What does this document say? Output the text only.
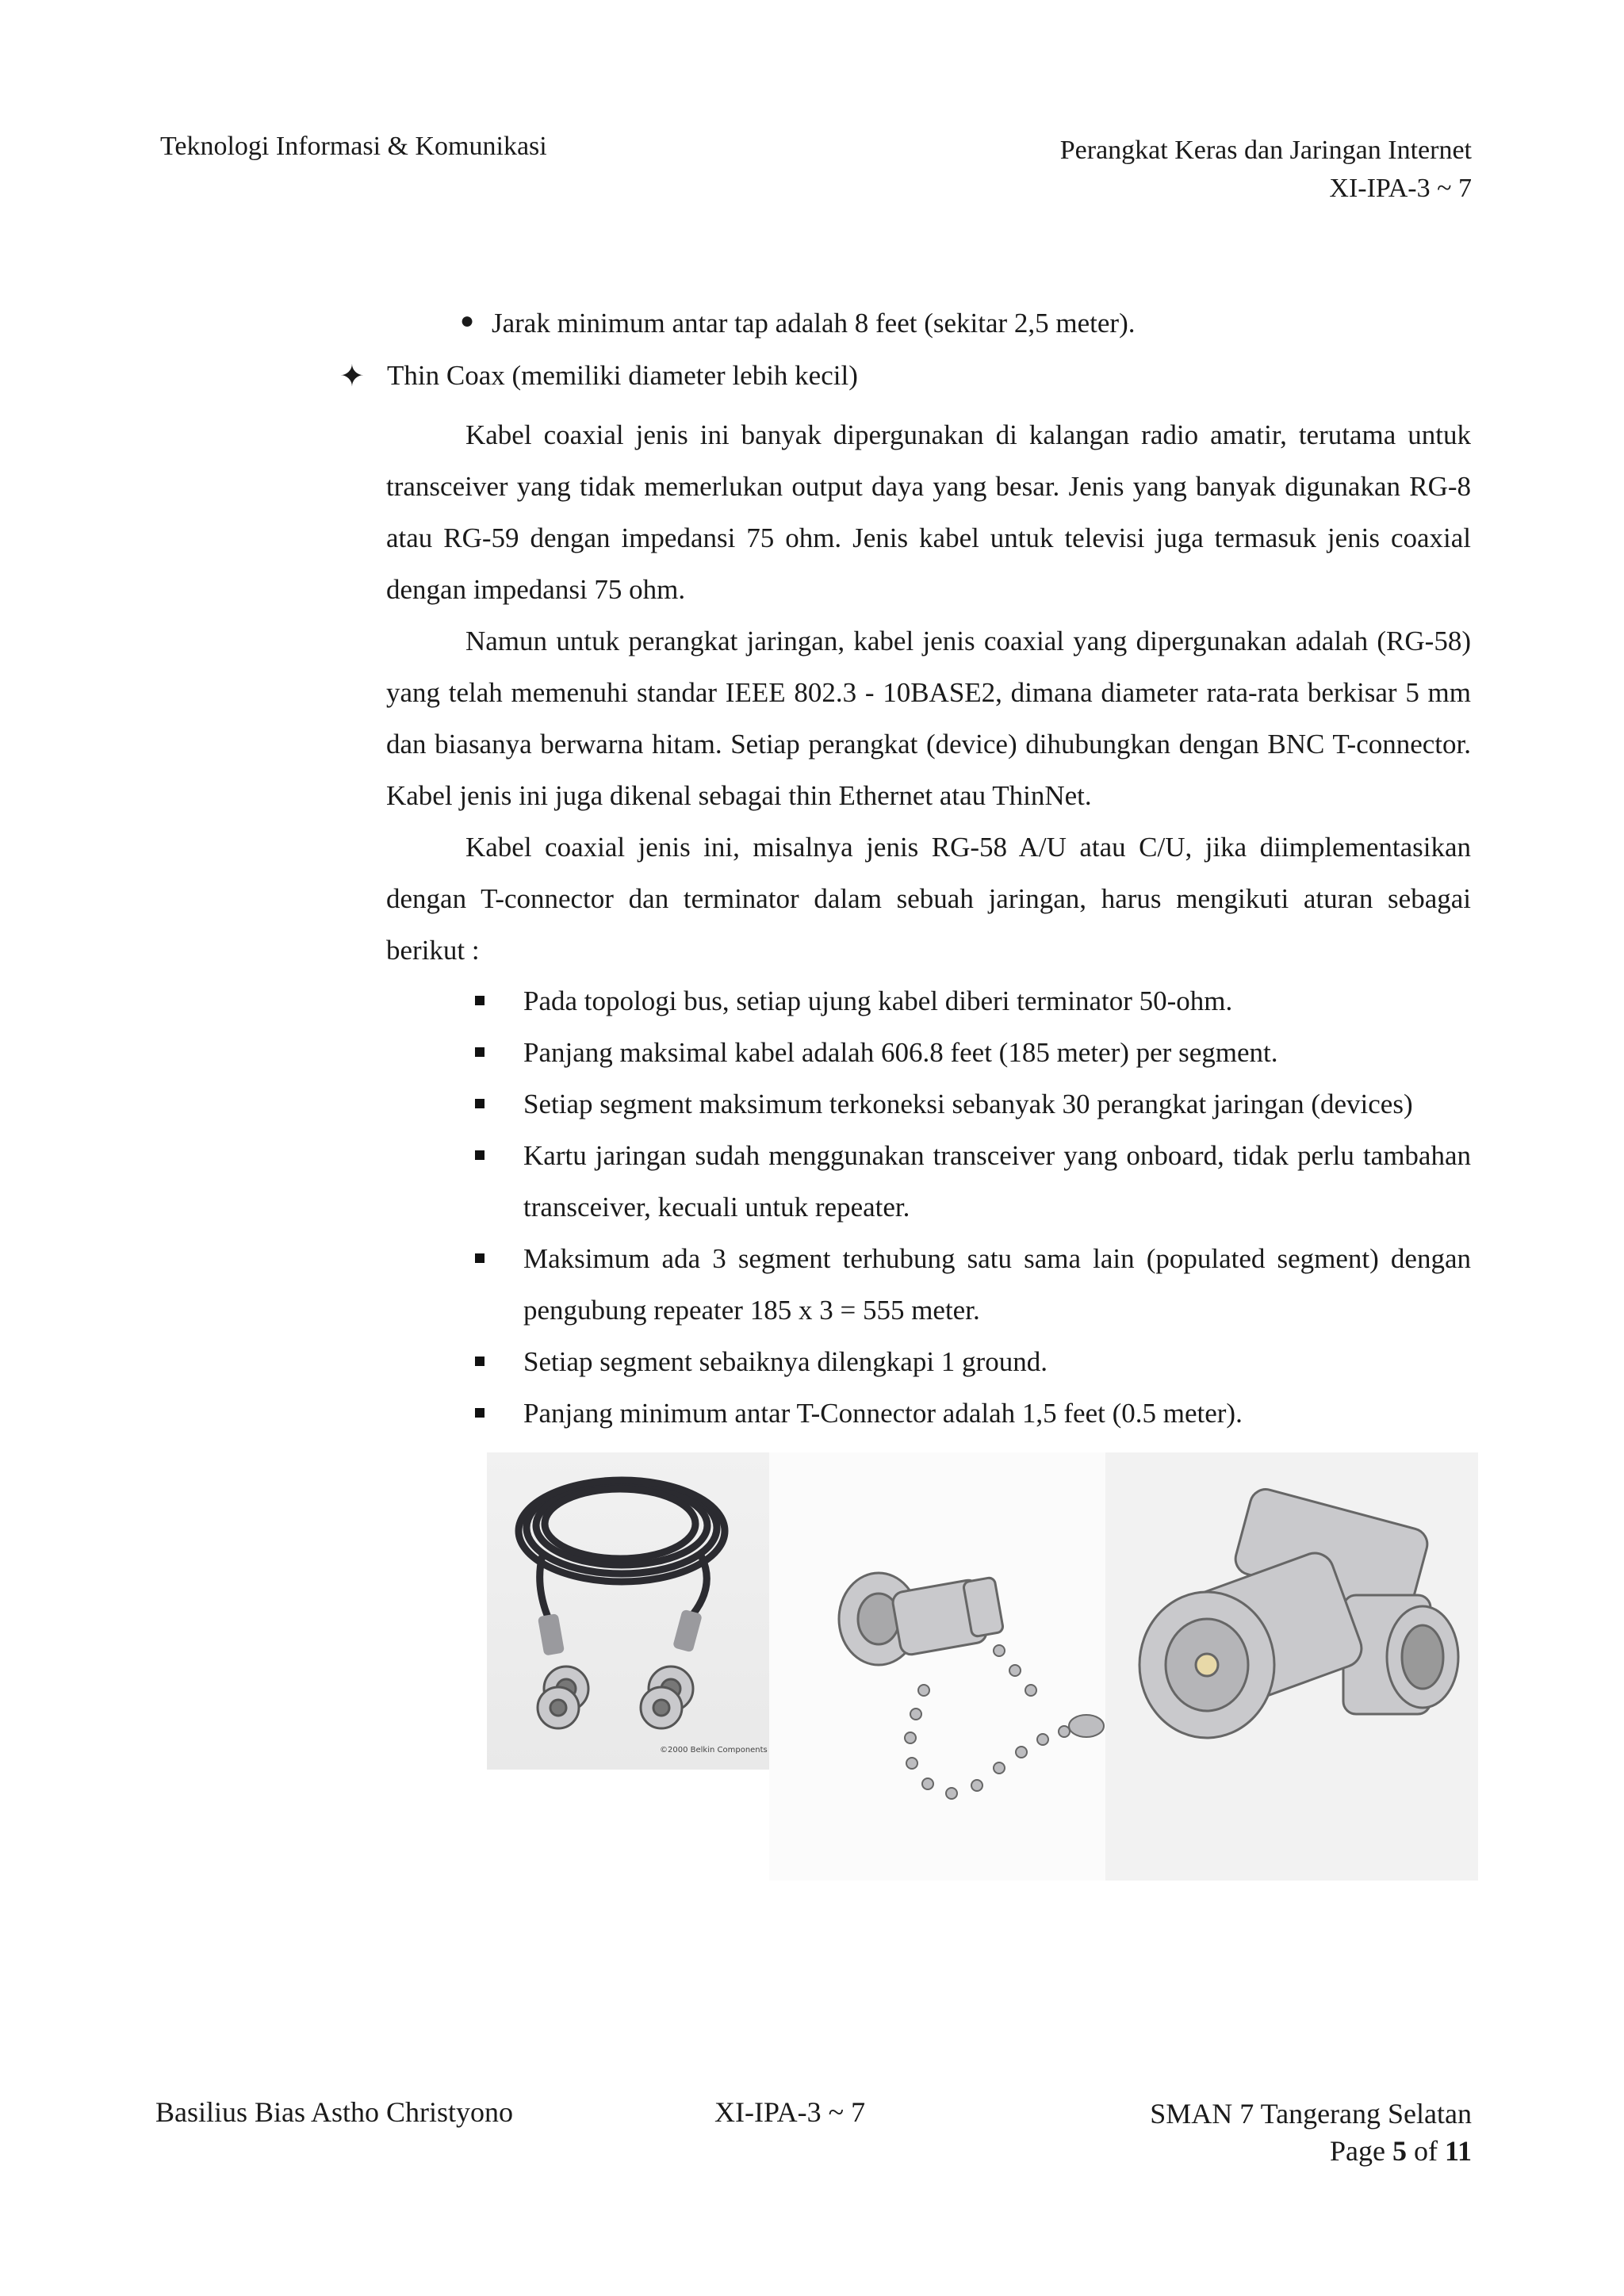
Teknologi Informasi & Komunikasi	Perangkat Keras dan Jaringan Internet
XI-IPA-3 ~ 7
● Jarak minimum antar tap adalah 8 feet (sekitar 2,5 meter).
✦ Thin Coax (memiliki diameter lebih kecil)

Kabel coaxial jenis ini banyak dipergunakan di kalangan radio amatir, terutama untuk transceiver yang tidak memerlukan output daya yang besar. Jenis yang banyak digunakan RG-8 atau RG-59 dengan impedansi 75 ohm. Jenis kabel untuk televisi juga termasuk jenis coaxial dengan impedansi 75 ohm.

Namun untuk perangkat jaringan, kabel jenis coaxial yang dipergunakan adalah (RG-58) yang telah memenuhi standar IEEE 802.3 - 10BASE2, dimana diameter rata-rata berkisar 5 mm dan biasanya berwarna hitam. Setiap perangkat (device) dihubungkan dengan BNC T-connector. Kabel jenis ini juga dikenal sebagai thin Ethernet atau ThinNet.

Kabel coaxial jenis ini, misalnya jenis RG-58 A/U atau C/U, jika diimplementasikan dengan T-connector dan terminator dalam sebuah jaringan, harus mengikuti aturan sebagai berikut :

Pada topologi bus, setiap ujung kabel diberi terminator 50-ohm.
Panjang maksimal kabel adalah 606.8 feet (185 meter) per segment.
Setiap segment maksimum terkoneksi sebanyak 30 perangkat jaringan (devices)
Kartu jaringan sudah menggunakan transceiver yang onboard, tidak perlu tambahan transceiver, kecuali untuk repeater.
Maksimum ada 3 segment terhubung satu sama lain (populated segment) dengan pengubung repeater 185 x 3 = 555 meter.
Setiap segment sebaiknya dilengkapi 1 ground.
Panjang minimum antar T-Connector adalah 1,5 feet (0.5 meter).
©2000 Belkin Components
Basilius Bias Astho Christyono	XI-IPA-3 ~ 7	SMAN 7 Tangerang Selatan
Page 5 of 11
